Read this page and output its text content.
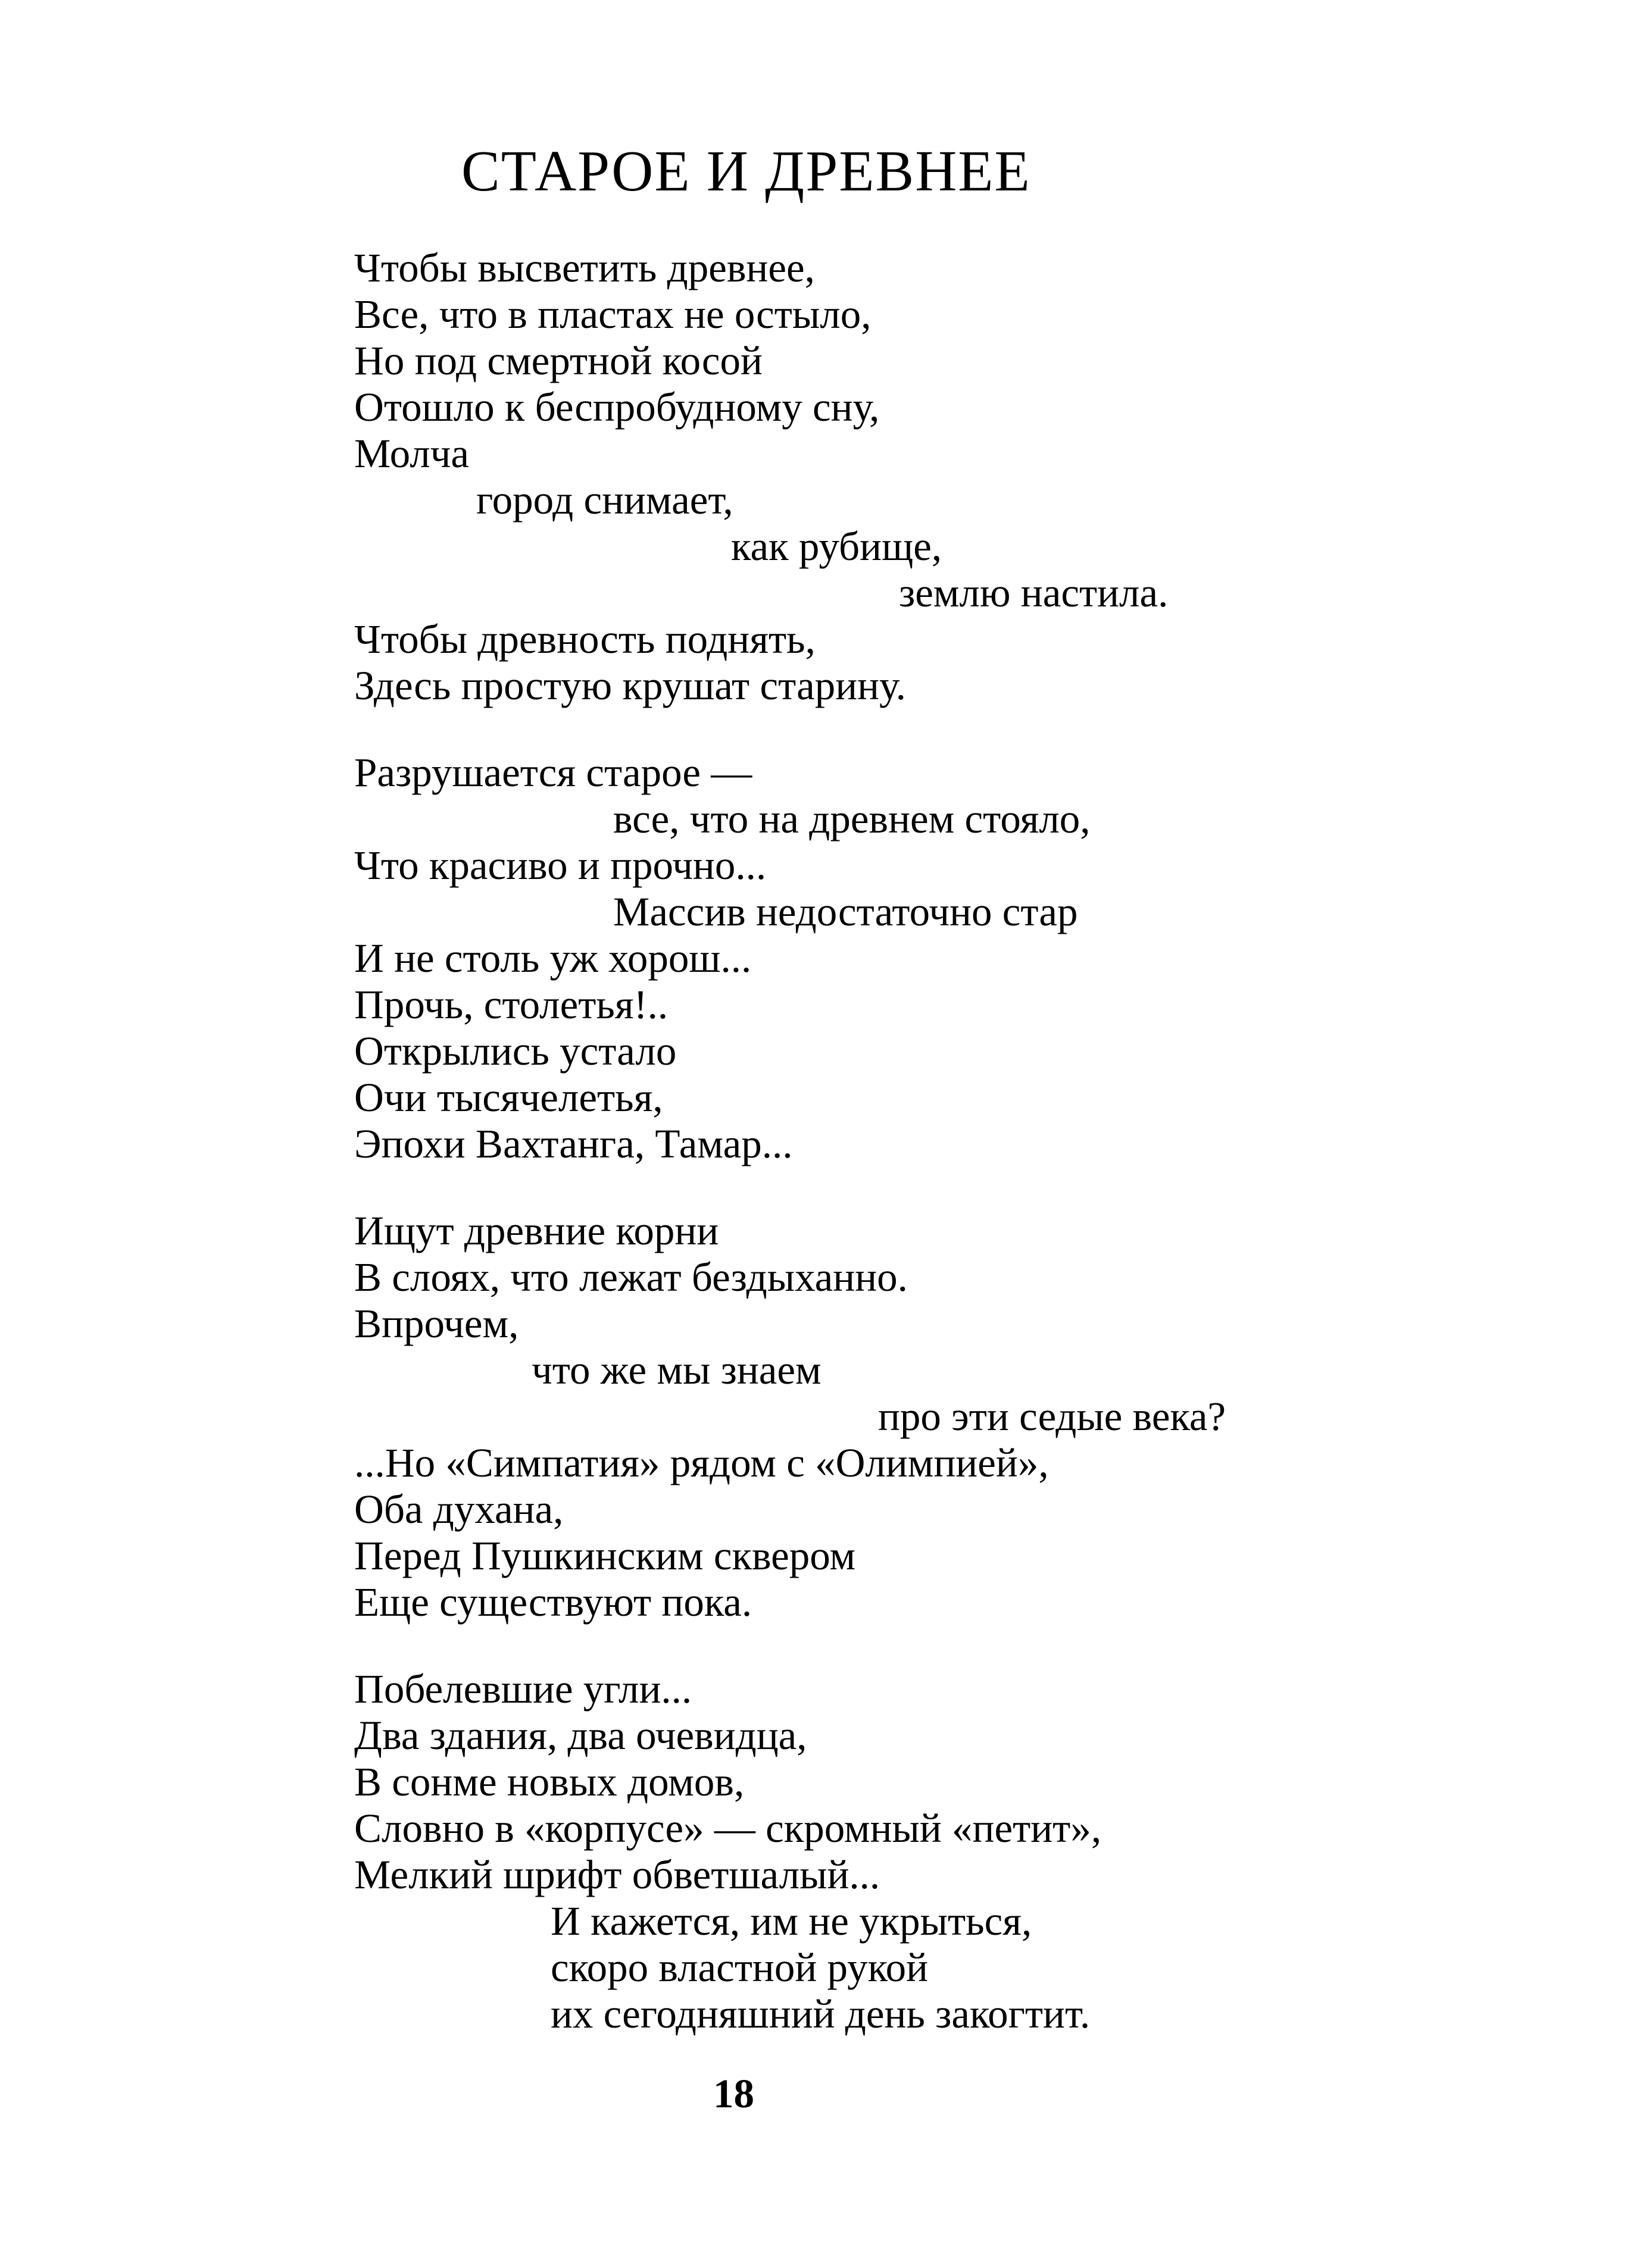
СТАРОЕ И ДРЕВНЕЕ
Чтобы высветить древнее,
Все, что в пластах не остыло,
Но под смертной косой
Отошло к беспробудному сну,
Молча
город снимает,
как рубище,
землю настила.
Чтобы древность поднять,
Здесь простую крушат старину.
Разрушается старое —
все, что на древнем стояло,
Что красиво и прочно...
Массив недостаточно стар
И не столь уж хорош...
Прочь, столетья!..
Открылись устало
Очи тысячелетья,
Эпохи Вахтанга, Тамар...
Ищут древние корни
В слоях, что лежат бездыханно.
Впрочем,
что же мы знаем
про эти седые века?
...Но «Симпатия» рядом с «Олимпией»,
Оба духана,
Перед Пушкинским сквером
Еще существуют пока.
Побелевшие угли...
Два здания, два очевидца,
В сонме новых домов,
Словно в «корпусе» — скромный «петит»,
Мелкий шрифт обветшалый...
И кажется, им не укрыться,
скоро властной рукой
их сегодняшний день закогтит.
18
